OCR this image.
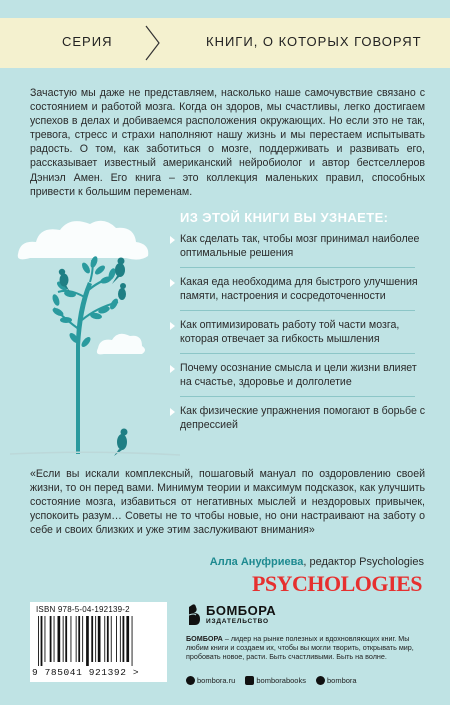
СЕРИЯ	КНИГИ, О КОТОРЫХ ГОВОРЯТ
Зачастую мы даже не представляем, насколько наше самочувствие связано с состоянием и работой мозга. Когда он здоров, мы счастливы, легко достигаем успехов в делах и добиваемся расположения окружающих. Но если это не так, тревога, стресс и страхи наполняют нашу жизнь и мы перестаем испытывать радость. О том, как заботиться о мозге, поддерживать и развивать его, рассказывает известный американский нейробиолог и автор бестселлеров Дэниэл Амен. Его книга – это коллекция маленьких правил, способных привести к большим переменам.
ИЗ ЭТОЙ КНИГИ ВЫ УЗНАЕТЕ:
Как сделать так, чтобы мозг принимал наиболее оптимальные решения
Какая еда необходима для быстрого улучшения памяти, настроения и сосредоточенности
Как оптимизировать работу той части мозга, которая отвечает за гибкость мышления
Почему осознание смысла и цели жизни влияет на счастье, здоровье и долголетие
Как физические упражнения помогают в борьбе с депрессией
«Если вы искали комплексный, пошаговый мануал по оздоровлению своей жизни, то он перед вами. Минимум теории и максимум подсказок, как улучшить состояние мозга, избавиться от негативных мыслей и нездоровых привычек, успокоить разум… Советы не то чтобы новые, но они настраивают на заботу о себе и своих близких и уже этим заслуживают внимания»
Алла Ануфриева, редактор Psychologies
PSYCHOLOGIES
ISBN 978-5-04-192139-2
9 785041 921392 >
БОМБОРА
ИЗДАТЕЛЬСТВО
БОМБОРА – лидер на рынке полезных и вдохновляющих книг. Мы любим книги и создаем их, чтобы вы могли творить, открывать мир, пробовать новое, расти. Быть счастливыми. Быть на волне.
bombora.ru	bomborabooks	bombora
